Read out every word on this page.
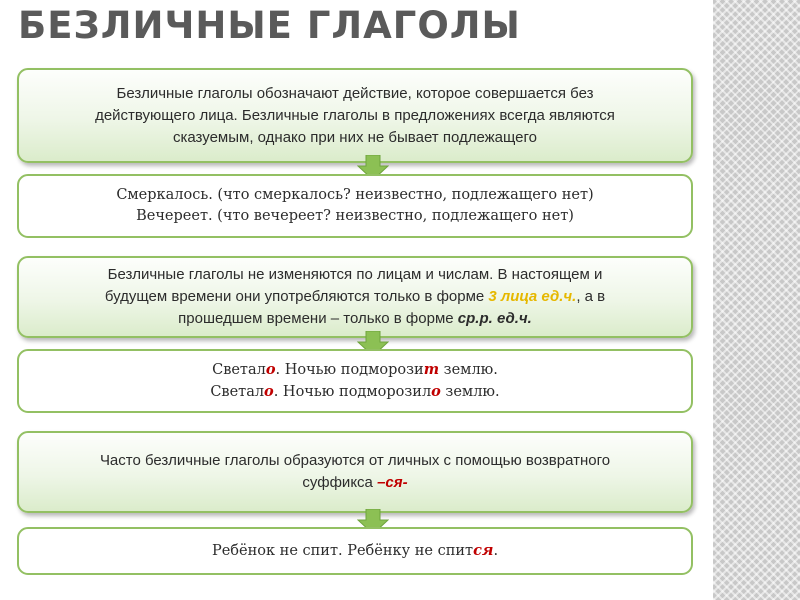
БЕЗЛИЧНЫЕ ГЛАГОЛЫ
Безличные глаголы обозначают действие, которое совершается без
действующего лица. Безличные глаголы в предложениях всегда являются
сказуемым, однако при них не бывает подлежащего
Смеркалось. (что смеркалось? неизвестно, подлежащего нет)
Вечереет. (что вечереет? неизвестно, подлежащего нет)
Безличные глаголы не изменяются по лицам и числам. В настоящем и
будущем времени они употребляются только в форме 3 лица ед.ч., а в
прошедшем времени – только в форме ср.р. ед.ч.
Светало. Ночью подморозит землю.
Светало. Ночью подморозило землю.
Часто безличные глаголы образуются от личных с помощью возвратного
суффикса –ся-
Ребёнок не спит. Ребёнку не спится.
